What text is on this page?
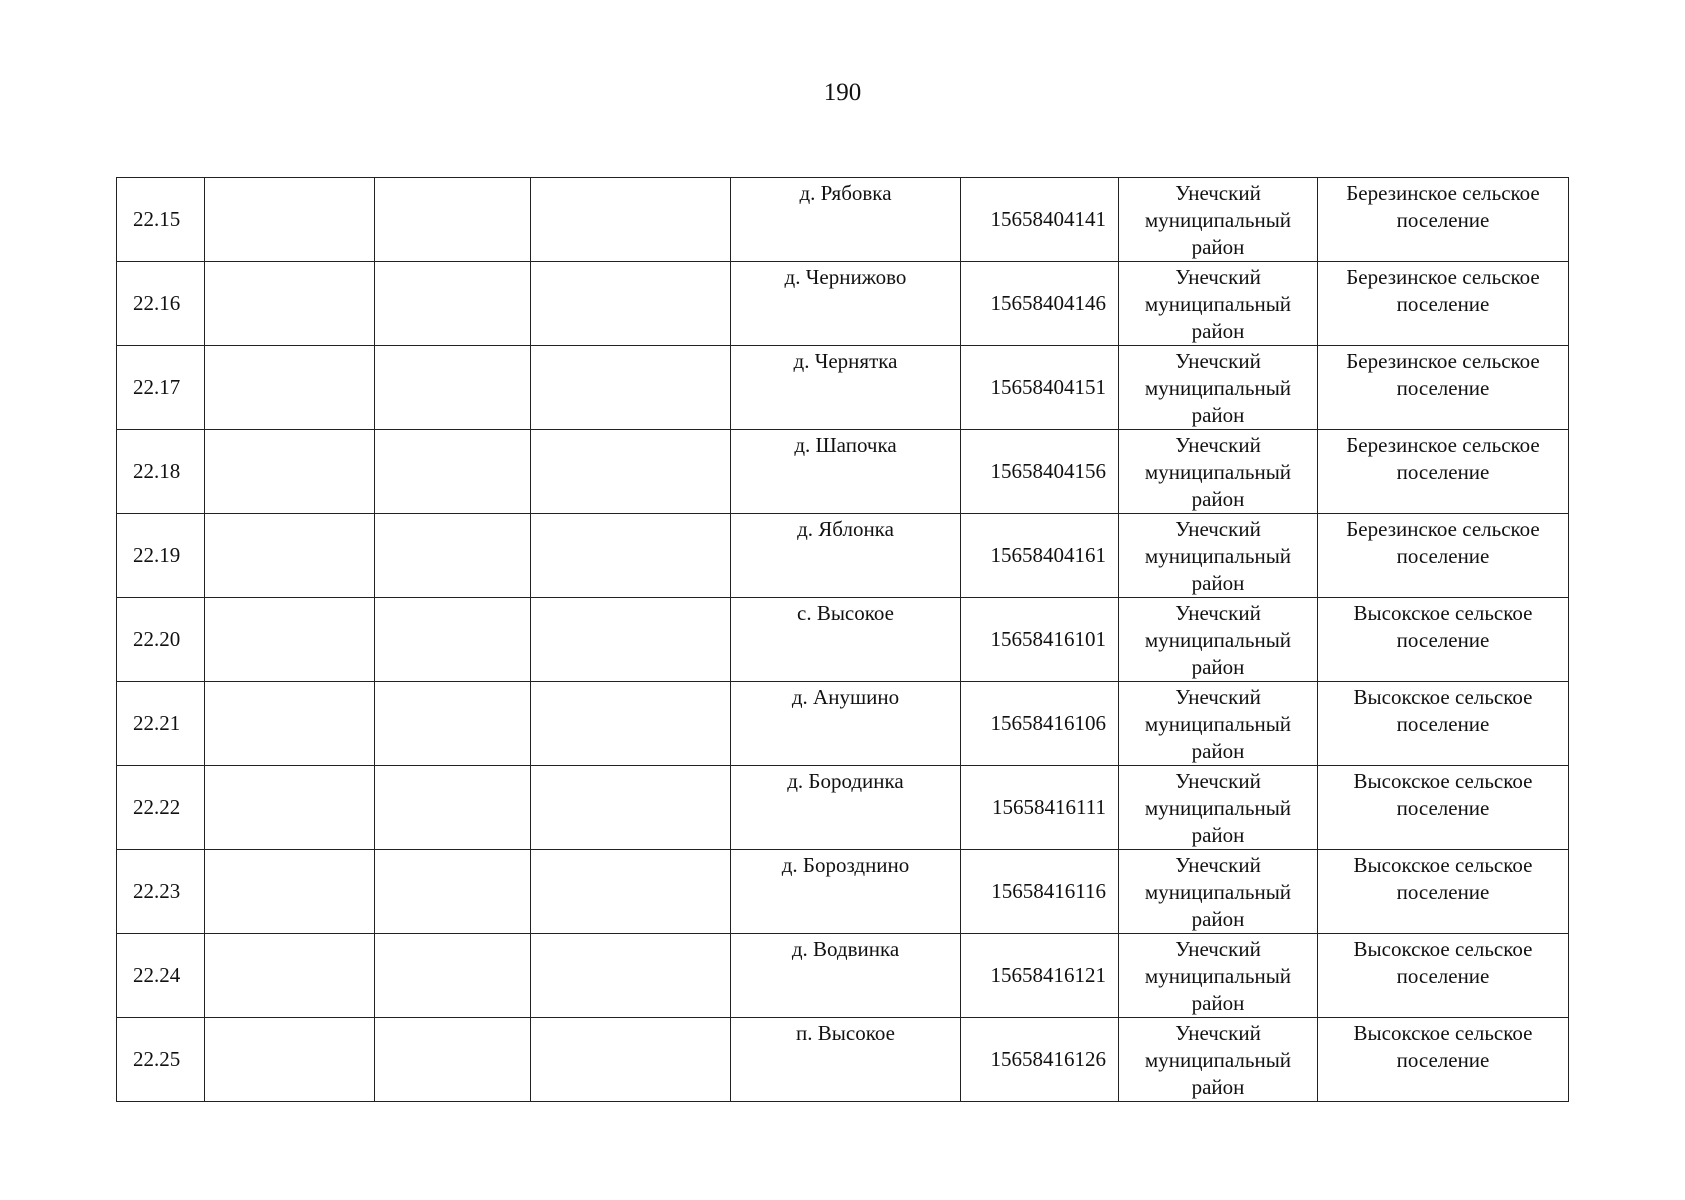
190
22.15				д. Рябовка	15658404141	Унечский
муниципальный
район	Березинское сельское
поселение

22.16				д. Чернижово	15658404146	Унечский
муниципальный
район	Березинское сельское
поселение

22.17				д. Чернятка	15658404151	Унечский
муниципальный
район	Березинское сельское
поселение

22.18				д. Шапочка	15658404156	Унечский
муниципальный
район	Березинское сельское
поселение

22.19				д. Яблонка	15658404161	Унечский
муниципальный
район	Березинское сельское
поселение

22.20				с. Высокое	15658416101	Унечский
муниципальный
район	Высокское сельское
поселение

22.21				д. Анушино	15658416106	Унечский
муниципальный
район	Высокское сельское
поселение

22.22				д. Бородинка	15658416111	Унечский
муниципальный
район	Высокское сельское
поселение

22.23				д. Борозднино	15658416116	Унечский
муниципальный
район	Высокское сельское
поселение

22.24				д. Водвинка	15658416121	Унечский
муниципальный
район	Высокское сельское
поселение

22.25				п. Высокое	15658416126	Унечский
муниципальный
район	Высокское сельское
поселение
